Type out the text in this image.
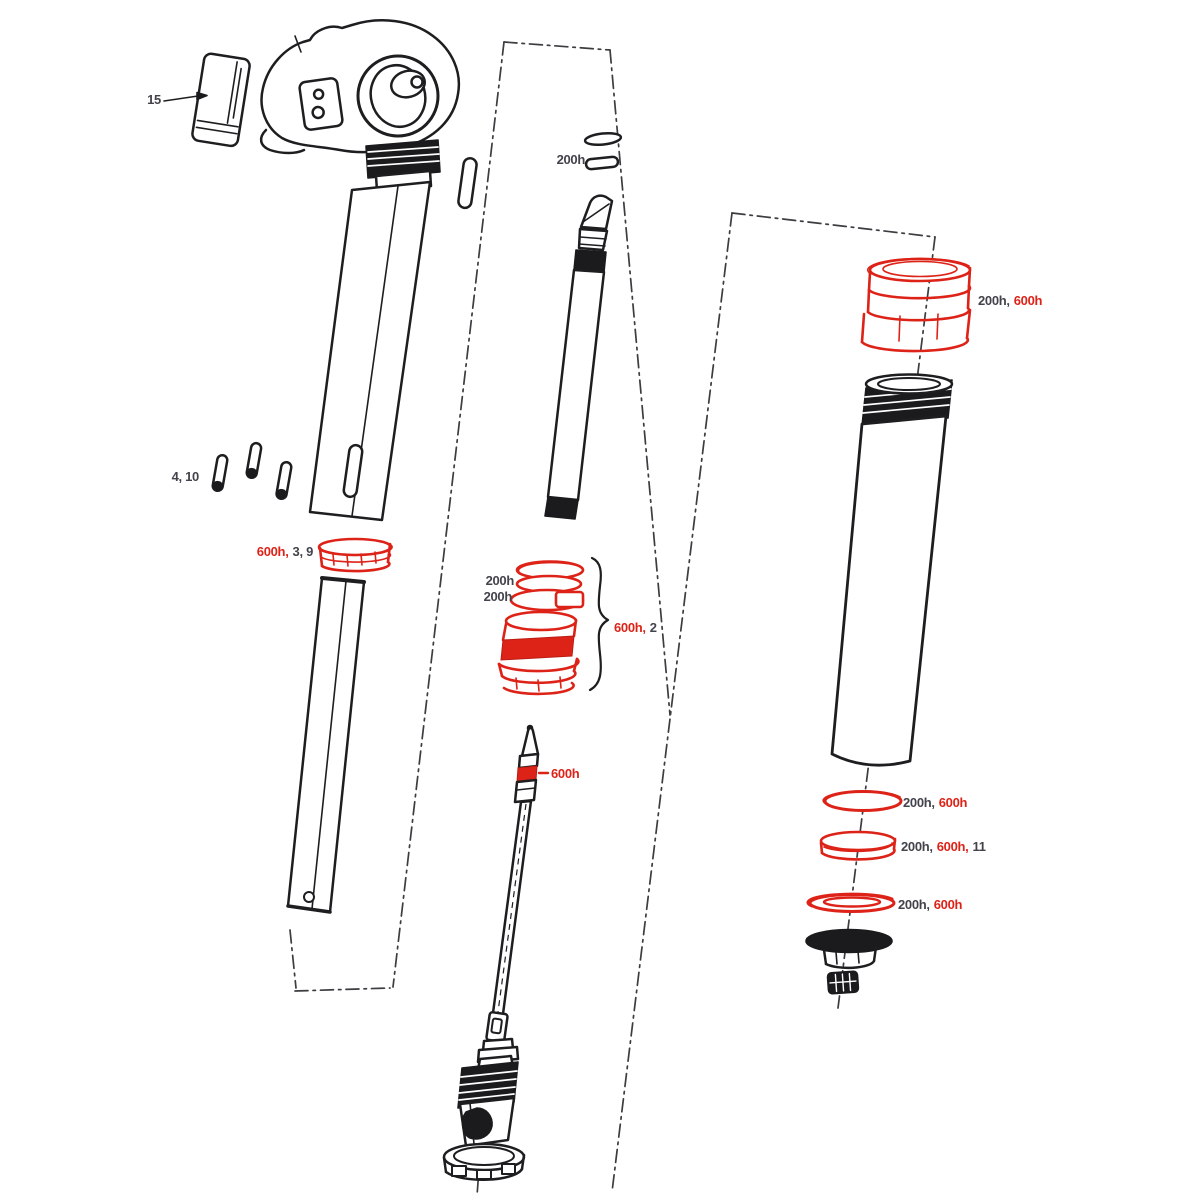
15
4, 10
600h, 3, 9
200h
200h
200h
600h, 2
600h
200h, 600h
200h, 600h
200h, 600h, 11
200h, 600h
